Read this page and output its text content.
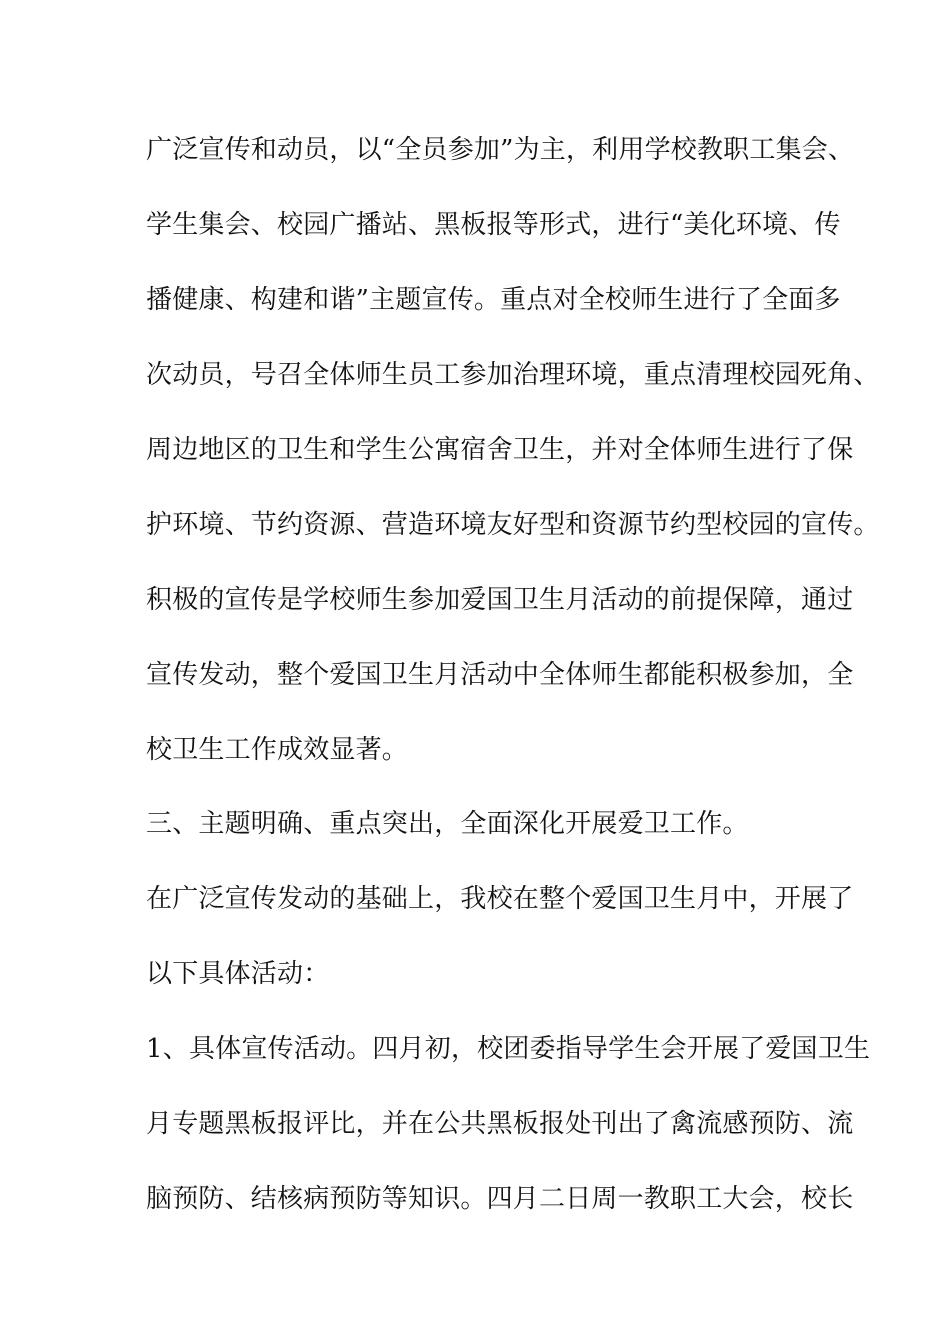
广泛宣传和动员，以“全员参加”为主，利用学校教职工集会、
学生集会、校园广播站、黑板报等形式，进行“美化环境、传
播健康、构建和谐”主题宣传。重点对全校师生进行了全面多
次动员，号召全体师生员工参加治理环境，重点清理校园死角、
周边地区的卫生和学生公寓宿舍卫生，并对全体师生进行了保
护环境、节约资源、营造环境友好型和资源节约型校园的宣传。
积极的宣传是学校师生参加爱国卫生月活动的前提保障，通过
宣传发动，整个爱国卫生月活动中全体师生都能积极参加，全
校卫生工作成效显著。
三、主题明确、重点突出，全面深化开展爱卫工作。
在广泛宣传发动的基础上，我校在整个爱国卫生月中，开展了
以下具体活动：
1、具体宣传活动。四月初，校团委指导学生会开展了爱国卫生
月专题黑板报评比，并在公共黑板报处刊出了禽流感预防、流
脑预防、结核病预防等知识。四月二日周一教职工大会，校长
